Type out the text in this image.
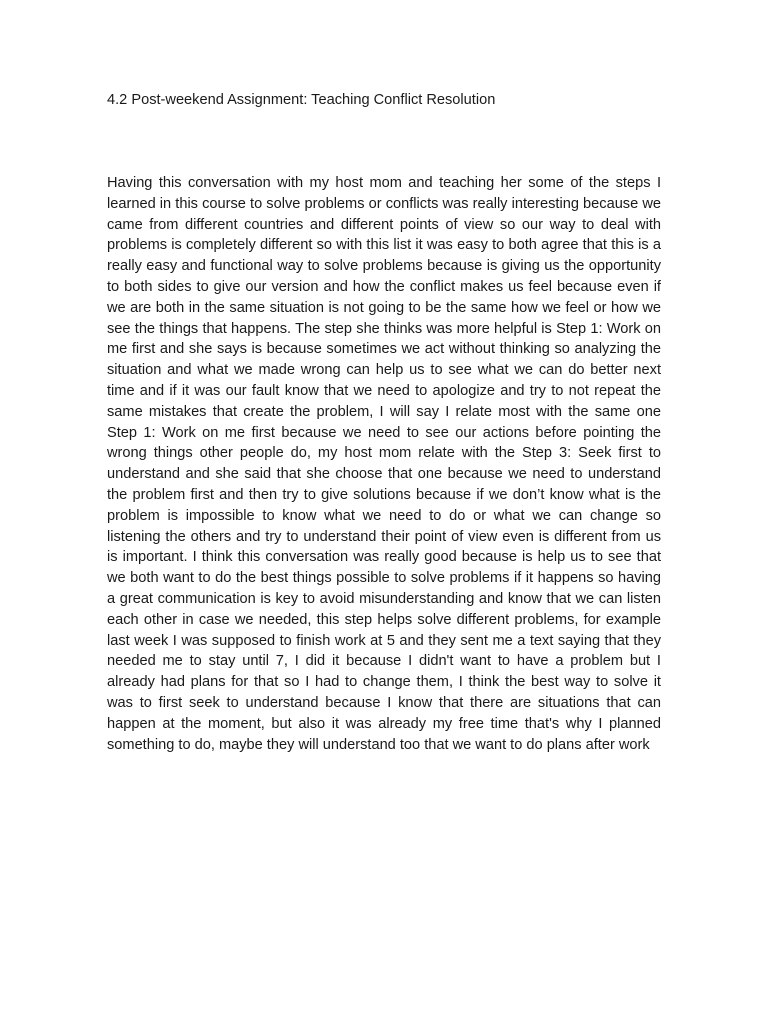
4.2 Post-weekend Assignment: Teaching Conflict Resolution

Having this conversation with my host mom and teaching her some of the steps I learned in this course to solve problems or conflicts was really interesting because we came from different countries and different points of view so our way to deal with problems is completely different so with this list it was easy to both agree that this is a really easy and functional way to solve problems because is giving us the opportunity to both sides to give our version and how the conflict makes us feel because even if we are both in the same situation is not going to be the same how we feel or how we see the things that happens. The step she thinks was more helpful is Step 1: Work on me first and she says is because sometimes we act without thinking so analyzing the situation and what we made wrong can help us to see what we can do better next time and if it was our fault know that we need to apologize and try to not repeat the same mistakes that create the problem, I will say I relate most with the same one Step 1: Work on me first because we need to see our actions before pointing the wrong things other people do, my host mom relate with the Step 3: Seek first to understand and she said that she choose that one because we need to understand the problem first and then try to give solutions because if we don’t know what is the problem is impossible to know what we need to do or what we can change so listening the others and try to understand their point of view even is different from us is important. I think this conversation was really good because is help us to see that we both want to do the best things possible to solve problems if it happens so having a great communication is key to avoid misunderstanding and know that we can listen each other in case we needed, this step helps solve different problems, for example last week I was supposed to finish work at 5 and they sent me a text saying that they needed me to stay until 7, I did it because I didn't want to have a problem but I already had plans for that so I had to change them, I think the best way to solve it was to first seek to understand because I know that there are situations that can happen at the moment, but also it was already my free time that's why I planned something to do, maybe they will understand too that we want to do plans after work
